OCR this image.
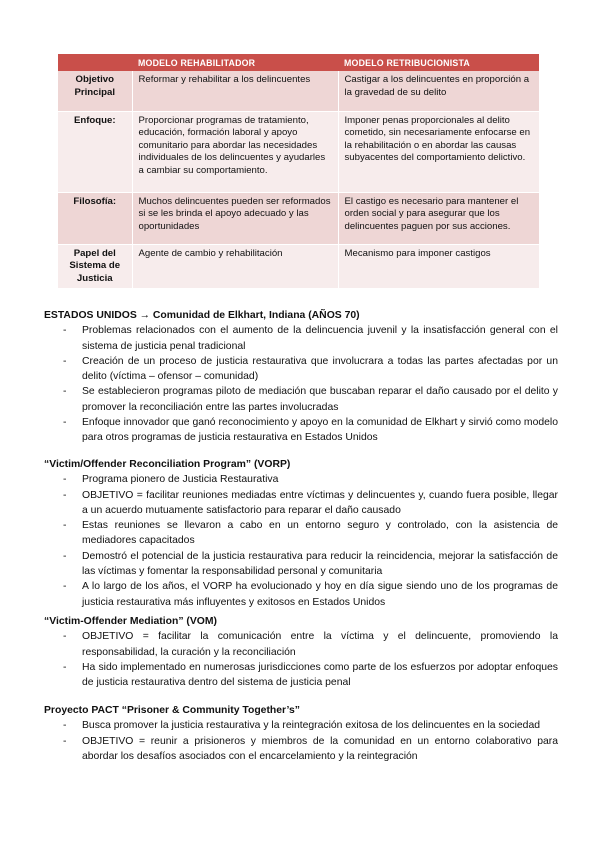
	MODELO REHABILITADOR	MODELO RETRIBUCIONISTA
Objetivo Principal	Reformar y rehabilitar a los delincuentes	Castigar a los delincuentes en proporción a la gravedad de su delito
Enfoque:	Proporcionar programas de tratamiento, educación, formación laboral y apoyo comunitario para abordar las necesidades individuales de los delincuentes y ayudarles a cambiar su comportamiento.	Imponer penas proporcionales al delito cometido, sin necesariamente enfocarse en la rehabilitación o en abordar las causas subyacentes del comportamiento delictivo.
Filosofía:	Muchos delincuentes pueden ser reformados si se les brinda el apoyo adecuado y las oportunidades	El castigo es necesario para mantener el orden social y para asegurar que los delincuentes paguen por sus acciones.
Papel del Sistema de Justicia	Agente de cambio y rehabilitación	Mecanismo para imponer castigos
ESTADOS UNIDOS → Comunidad de Elkhart, Indiana (AÑOS 70)
- Problemas relacionados con el aumento de la delincuencia juvenil y la insatisfacción general con el sistema de justicia penal tradicional
- Creación de un proceso de justicia restaurativa que involucrara a todas las partes afectadas por un delito (víctima – ofensor – comunidad)
- Se establecieron programas piloto de mediación que buscaban reparar el daño causado por el delito y promover la reconciliación entre las partes involucradas
- Enfoque innovador que ganó reconocimiento y apoyo en la comunidad de Elkhart y sirvió como modelo para otros programas de justicia restaurativa en Estados Unidos
“Victim/Offender Reconciliation Program” (VORP)
- Programa pionero de Justicia Restaurativa
- OBJETIVO = facilitar reuniones mediadas entre víctimas y delincuentes y, cuando fuera posible, llegar a un acuerdo mutuamente satisfactorio para reparar el daño causado
- Estas reuniones se llevaron a cabo en un entorno seguro y controlado, con la asistencia de mediadores capacitados
- Demostró el potencial de la justicia restaurativa para reducir la reincidencia, mejorar la satisfacción de las víctimas y fomentar la responsabilidad personal y comunitaria
- A lo largo de los años, el VORP ha evolucionado y hoy en día sigue siendo uno de los programas de justicia restaurativa más influyentes y exitosos en Estados Unidos
“Victim-Offender Mediation” (VOM)
- OBJETIVO = facilitar la comunicación entre la víctima y el delincuente, promoviendo la responsabilidad, la curación y la reconciliación
- Ha sido implementado en numerosas jurisdicciones como parte de los esfuerzos por adoptar enfoques de justicia restaurativa dentro del sistema de justicia penal
Proyecto PACT “Prisoner & Community Together’s”
- Busca promover la justicia restaurativa y la reintegración exitosa de los delincuentes en la sociedad
- OBJETIVO = reunir a prisioneros y miembros de la comunidad en un entorno colaborativo para abordar los desafíos asociados con el encarcelamiento y la reintegración
